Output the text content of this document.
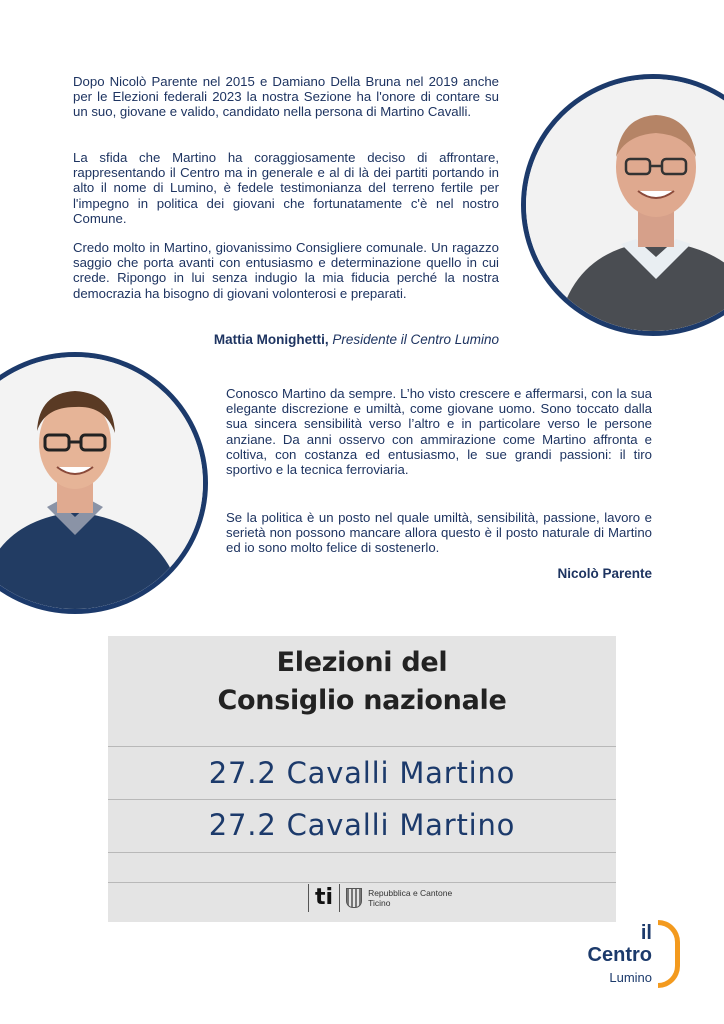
Dopo Nicolò Parente nel 2015 e Damiano Della Bruna nel 2019 anche per le Elezioni federali 2023 la nostra Sezione ha l'onore di contare su un suo, giovane e valido, candidato nella persona di Martino Cavalli.

La sfida che Martino ha coraggiosamente deciso di affrontare, rappresentando il Centro ma in generale e al di là dei partiti portando in alto il nome di Lumino, è fedele testimonianza del terreno fertile per l'impegno in politica dei giovani che fortunatamente c'è nel nostro Comune.

Credo molto in Martino, giovanissimo Consigliere comunale. Un ragazzo saggio che porta avanti con entusiasmo e determinazione quello in cui crede. Ripongo in lui senza indugio la mia fiducia perché la nostra democrazia ha bisogno di giovani volonterosi e preparati.

Mattia Monighetti, Presidente il Centro Lumino

Conosco Martino da sempre. L’ho visto crescere e affermarsi, con la sua elegante discrezione e umiltà, come giovane uomo. Sono toccato dalla sua sincera sensibilità verso l’altro e in particolare verso le persone anziane. Da anni osservo con ammirazione come Martino affronta e coltiva, con costanza ed entusiasmo, le sue grandi passioni: il tiro sportivo e la tecnica ferroviaria.

Se la politica è un posto nel quale umiltà, sensibilità, passione, lavoro e serietà non possono mancare allora questo è il posto naturale di Martino ed io sono molto felice di sostenerlo.

Nicolò Parente
Elezioni del
Consiglio nazionale
27.2 Cavalli Martino
27.2 Cavalli Martino
ti	Repubblica e Cantone
Ticino
il
Centro
Lumino
